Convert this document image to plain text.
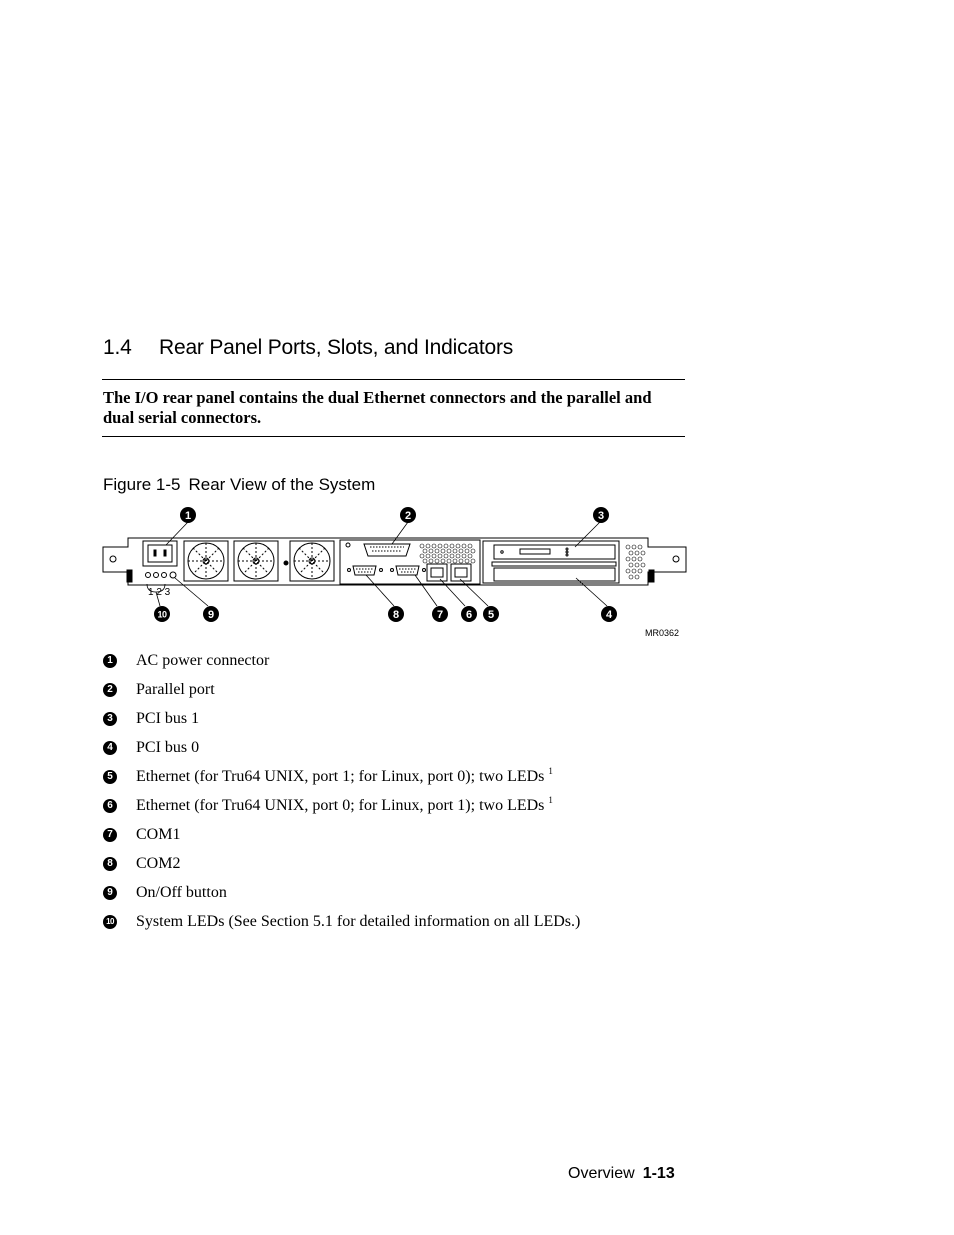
1.4 Rear Panel Ports, Slots, and Indicators
The I/O rear panel contains the dual Ethernet connectors and the parallel and dual serial connectors.
Figure 1-5 Rear View of the System
1 2 3
1	2	3
4
5
6
7
8
9
10
MR0362
1 AC power connector
2 Parallel port
3 PCI bus 1
4 PCI bus 0
5 Ethernet (for Tru64 UNIX, port 1; for Linux, port 0); two LEDs $^1$
6 Ethernet (for Tru64 UNIX, port 0; for Linux, port 1); two LEDs $^1$
7 COM1
8 COM2
9 On/Off button
10 System LEDs (See Section 5.1 for detailed information on all LEDs.)
Overview 1-13
